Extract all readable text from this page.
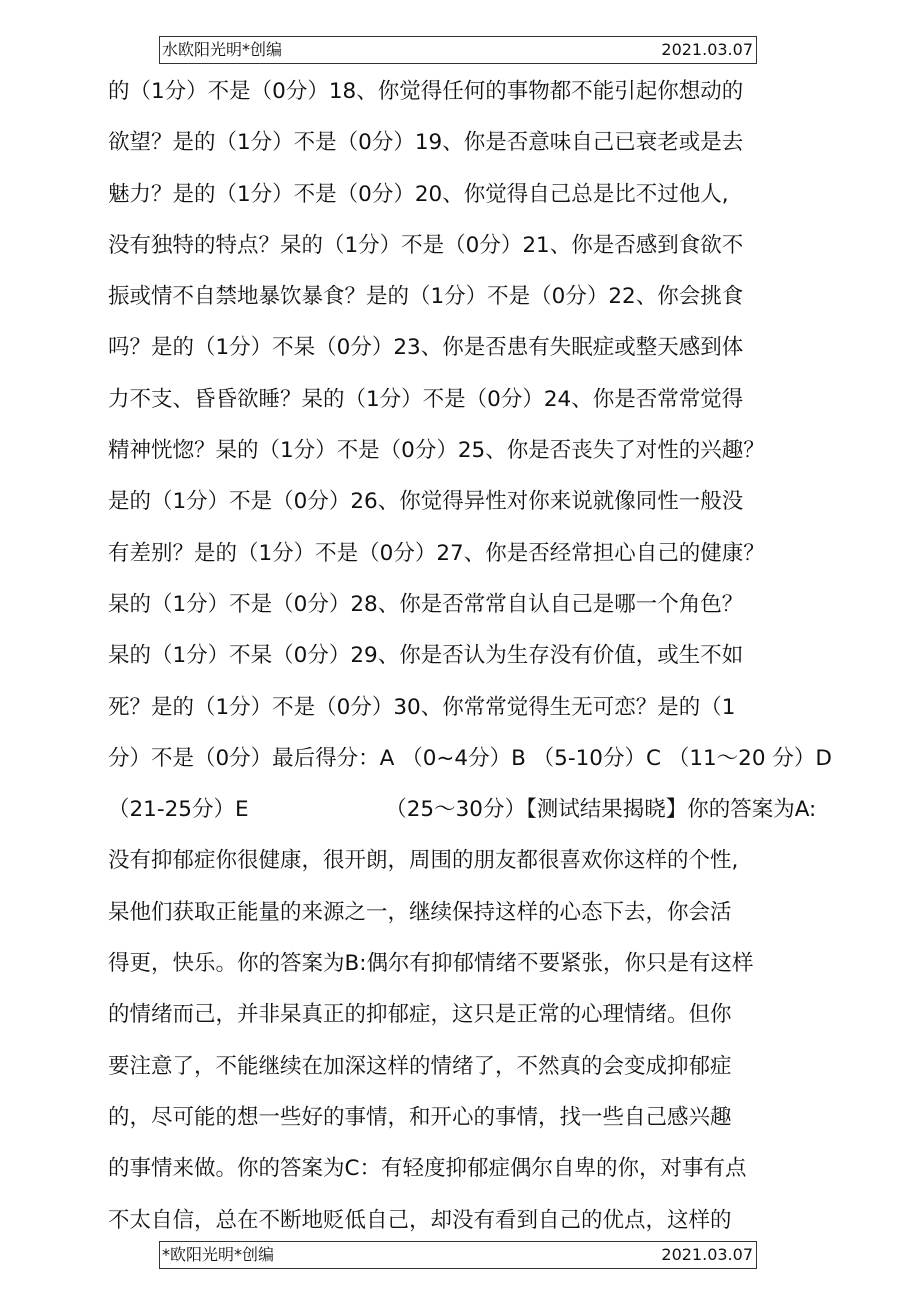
水欧阳光明*创编	2021.03.07
的（1分）不是（0分）18、你觉得任何的事物都不能引起你想动的
欲望？是的（1分）不是（0分）19、你是否意味自己已衰老或是去
魅力？是的（1分）不是（0分）20、你觉得自己总是比不过他人,
没有独特的特点？杲的（1分）不是（0分）21、你是否感到食欲不
振或情不自禁地暴饮暴食？是的（1分）不是（0分）22、你会挑食
吗？是的（1分）不杲（0分）23、你是否患有失眠症或整天感到体
力不支、昏昏欲睡？杲的（1分）不是（0分）24、你是否常常觉得
精神恍惚？杲的（1分）不是（0分）25、你是否丧失了对性的兴趣？
是的（1分）不是（0分）26、你觉得异性对你来说就像同性一般没
有差别？是的（1分）不是（0分）27、你是否经常担心自己的健康？
杲的（1分）不是（0分）28、你是否常常自认自己是哪一个角色？
杲的（1分）不杲（0分）29、你是否认为生存没有价值，或生不如
死？是的（1分）不是（0分）30、你常常觉得生无可恋？是的（1
分）不是（0分）最后得分：A （0~4分）B （5-10分）C （11〜20 分）D
（21-25分）E                    （25〜30分）【测试结果揭晓】你的答案为A:
没有抑郁症你很健康，很开朗，周围的朋友都很喜欢你这样的个性,
杲他们获取正能量的来源之一，继续保持这样的心态下去，你会活
得更，快乐。你的答案为B:偶尔有抑郁情绪不要紧张，你只是有这样
的情绪而己，并非杲真正的抑郁症，这只是正常的心理情绪。但你
要注意了，不能继续在加深这样的情绪了，不然真的会变成抑郁症
的，尽可能的想一些好的事情，和开心的事情，找一些自己感兴趣
的事情来做。你的答案为C：有轻度抑郁症偶尔自卑的你，对事有点
不太自信，总在不断地贬低自己，却没有看到自己的优点，这样的
*欧阳光明*创编	2021.03.07
